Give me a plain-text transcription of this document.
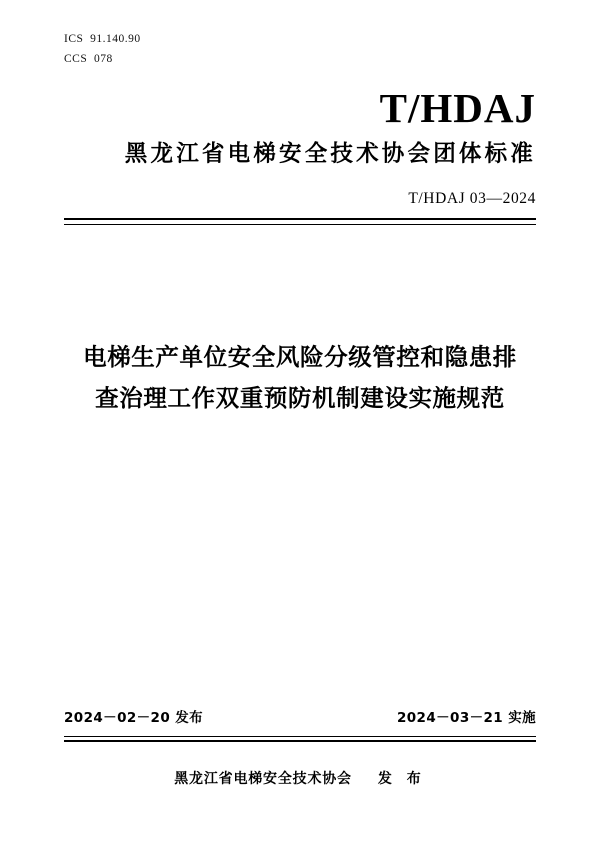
ICS  91.140.90
CCS  078
T/HDAJ
黑龙江省电梯安全技术协会团体标准
T/HDAJ 03—2024
电梯生产单位安全风险分级管控和隐患排
查治理工作双重预防机制建设实施规范
2024－02－20 发布	2024－03－21 实施
黑龙江省电梯安全技术协会 发 布
